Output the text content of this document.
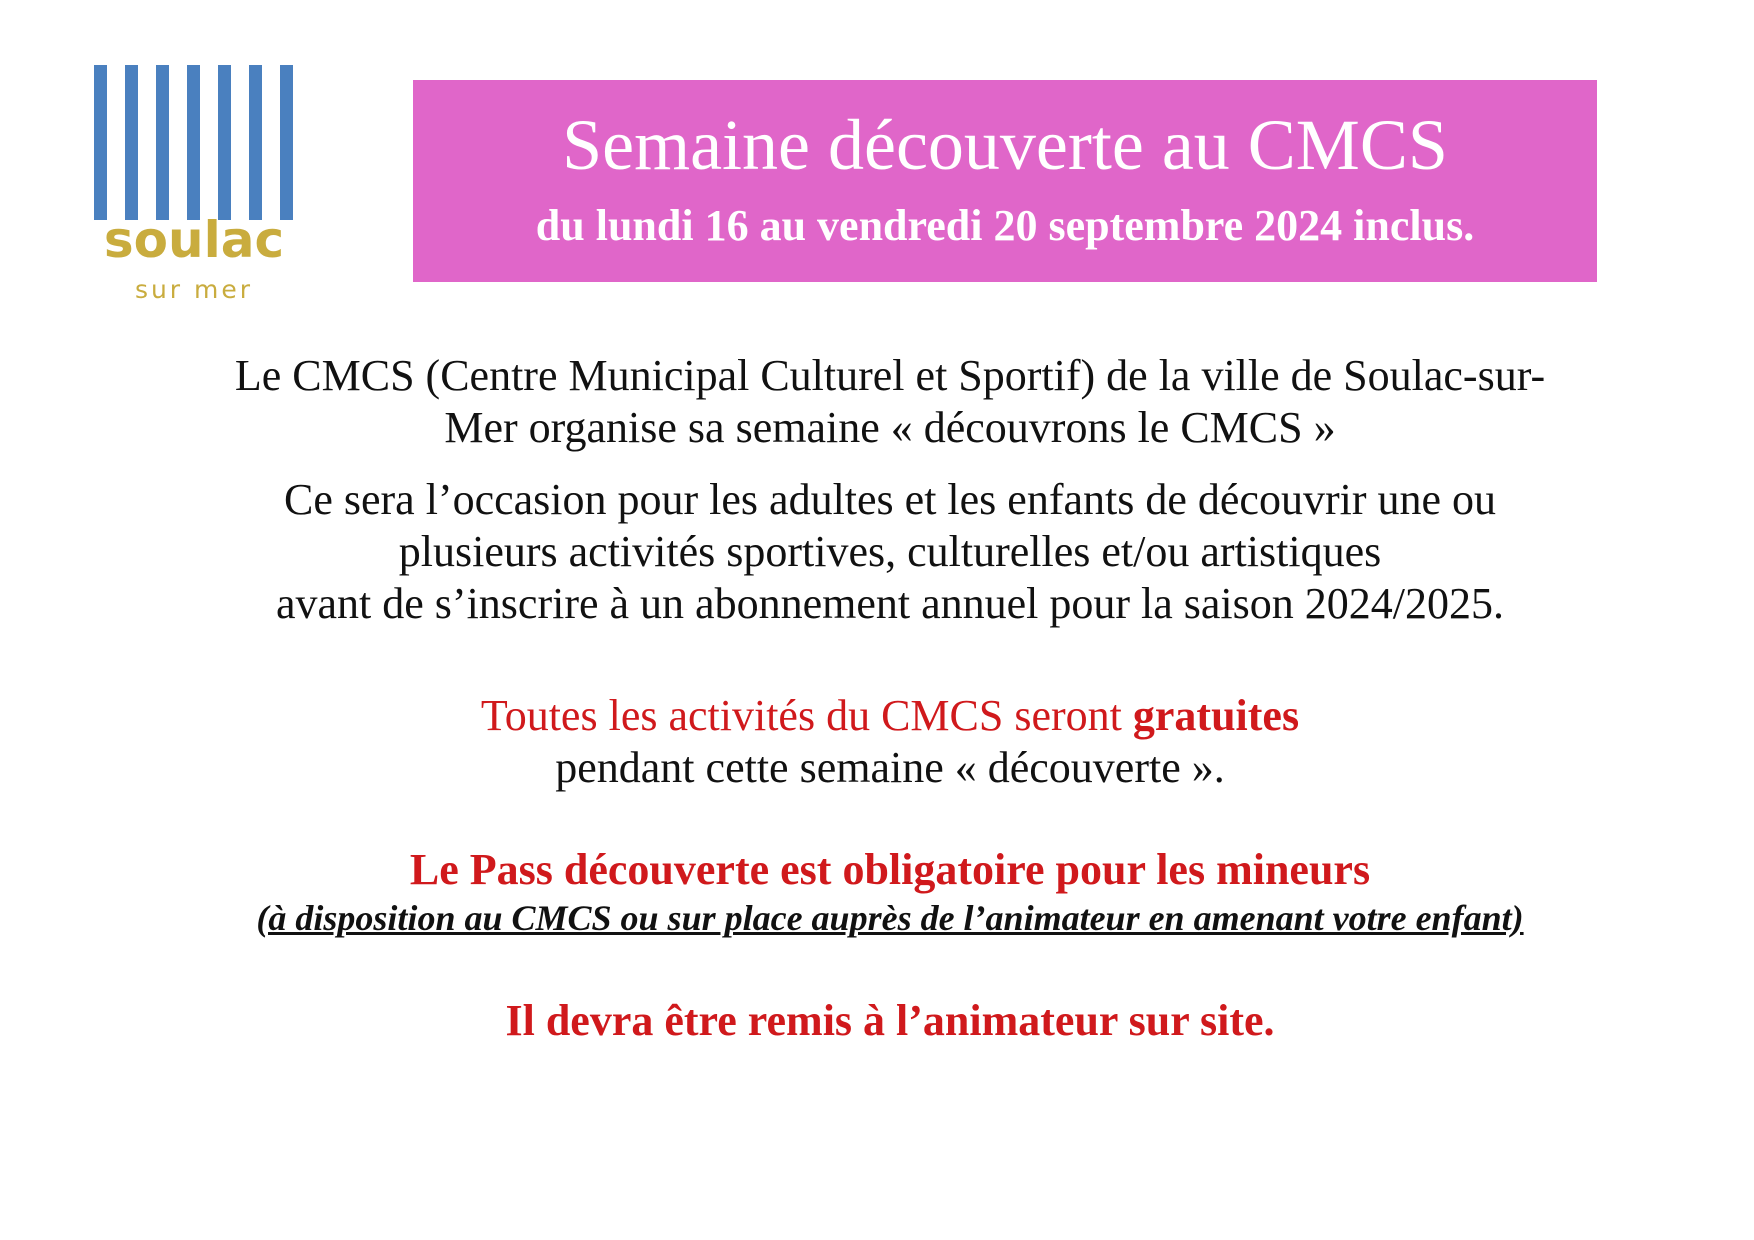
soulac
sur mer
Semaine découverte au CMCS
du lundi 16 au vendredi 20 septembre 2024 inclus.
Le CMCS (Centre Municipal Culturel et Sportif) de la ville de Soulac-sur-
Mer organise sa semaine « découvrons le CMCS »
Ce sera l’occasion pour les adultes et les enfants de découvrir une ou
plusieurs activités sportives, culturelles et/ou artistiques
avant de s’inscrire à un abonnement annuel pour la saison 2024/2025.
Toutes les activités du CMCS seront gratuites
pendant cette semaine « découverte ».
Le Pass découverte est obligatoire pour les mineurs
(à disposition au CMCS ou sur place auprès de l’animateur en amenant votre enfant)
Il devra être remis à l’animateur sur site.
